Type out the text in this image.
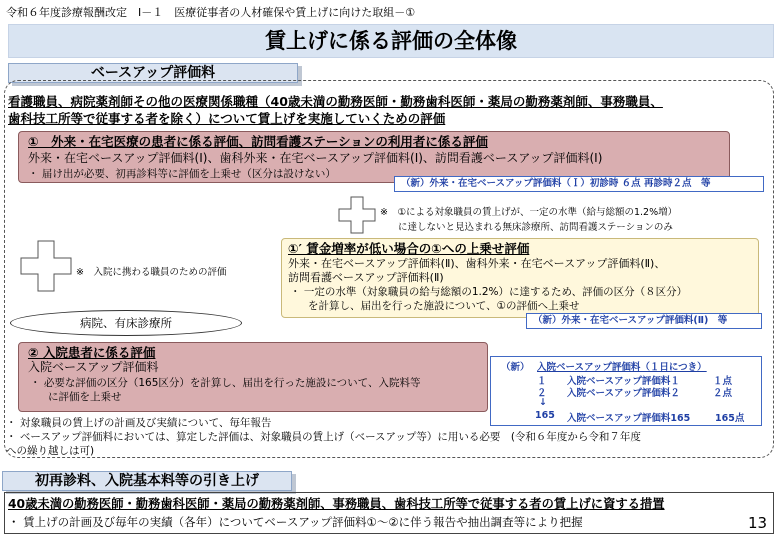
令和６年度診療報酬改定　Ⅰ－１　医療従事者の人材確保や賃上げに向けた取組－①
賃上げに係る評価の全体像
ベースアップ評価料
看護職員、病院薬剤師その他の医療関係職種（40歳未満の勤務医師・勤務歯科医師・薬局の勤務薬剤師、事務職員、
歯科技工所等で従事する者を除く）について賃上げを実施していくための評価
①　外来・在宅医療の患者に係る評価、訪問看護ステーションの利用者に係る評価
外来・在宅ベースアップ評価料(I)、歯科外来・在宅ベースアップ評価料(I)、訪問看護ベースアップ評価料(I)
・ 届け出が必要、初再診料等に評価を上乗せ（区分は設けない）
（新）外来・在宅ベースアップ評価料（Ｉ）初診時 ６点 再診時２点　等
※　①による対象職員の賃上げが、一定の水準（給与総額の1.2%増）
に達しないと見込まれる無床診療所、訪問看護ステーションのみ
※　入院に携わる職員のための評価
①′ 賃金増率が低い場合の①への上乗せ評価
外来・在宅ベースアップ評価料(Ⅱ)、歯科外来・在宅ベースアップ評価料(Ⅱ)、
訪問看護ベースアップ評価料(Ⅱ)
・ 一定の水準（対象職員の給与総額の1.2%）に達するため、評価の区分（８区分）
を計算し、届出を行った施設について、①の評価へ上乗せ
（新）外来・在宅ベースアップ評価料(Ⅱ)　等
病院、有床診療所
② 入院患者に係る評価
入院ベースアップ評価料
・ 必要な評価の区分（165区分）を計算し、届出を行った施設について、入院料等
に評価を上乗せ
（新） 入院ベースアップ評価料（１日につき）
１ 入院ベースアップ評価料１	１点
２ 入院ベースアップ評価料２	２点
↓
165 入院ベースアップ評価料165	165点
・ 対象職員の賃上げの計画及び実績について、毎年報告
・ ベースアップ評価料においては、算定した評価は、対象職員の賃上げ（ベースアップ等）に用いる必要　(令和６年度から令和７年度
への繰り越しは可)
初再診料、入院基本料等の引き上げ
40歳未満の勤務医師・勤務歯科医師・薬局の勤務薬剤師、事務職員、歯科技工所等で従事する者の賃上げに資する措置
・ 賃上げの計画及び毎年の実績（各年）についてベースアップ評価料①～②に伴う報告や抽出調査等により把握	13
